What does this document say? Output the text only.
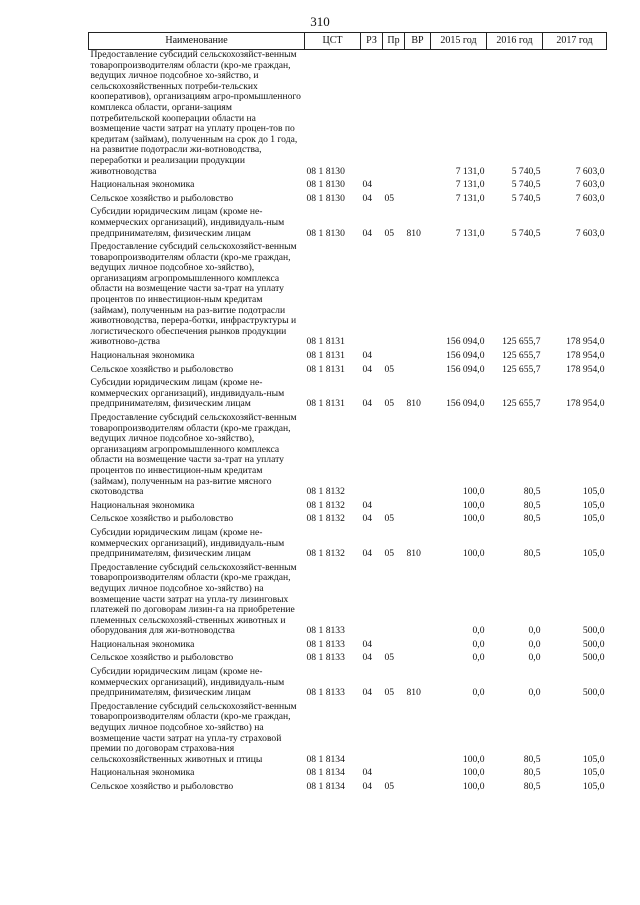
310
Наименование	ЦСТ	РЗ	Пр	ВР	2015 год	2016 год	2017 год
Предоставление субсидий сельскохозяйст-венным товаропроизводителям области (кро-ме граждан, ведущих личное подсобное хо-зяйство, и сельскохозяйственных потреби-тельских кооперативов), организациям агро-промышленного комплекса области, органи-зациям потребительской кооперации области на возмещение части затрат на уплату процен-тов по кредитам (займам), полученным на срок до 1 года, на развитие подотрасли жи-вотноводства, переработки и реализации продукции животноводства	08 1 8130				7 131,0	5 740,5	7 603,0
Национальная экономика	08 1 8130	04			7 131,0	5 740,5	7 603,0
Сельское хозяйство и рыболовство	08 1 8130	04	05		7 131,0	5 740,5	7 603,0
Субсидии юридическим лицам (кроме не-коммерческих организаций), индивидуаль-ным предпринимателям, физическим лицам	08 1 8130	04	05	810	7 131,0	5 740,5	7 603,0
Предоставление субсидий сельскохозяйст-венным товаропроизводителям области (кро-ме граждан, ведущих личное подсобное хо-зяйство), организациям агропромышленного комплекса области на возмещение части за-трат на уплату процентов по инвестицион-ным кредитам (займам), полученным на раз-витие подотрасли животноводства, перера-ботки, инфраструктуры и логистического обеспечения рынков продукции животново-дства	08 1 8131				156 094,0	125 655,7	178 954,0
Национальная экономика	08 1 8131	04			156 094,0	125 655,7	178 954,0
Сельское хозяйство и рыболовство	08 1 8131	04	05		156 094,0	125 655,7	178 954,0
Субсидии юридическим лицам (кроме не-коммерческих организаций), индивидуаль-ным предпринимателям, физическим лицам	08 1 8131	04	05	810	156 094,0	125 655,7	178 954,0
Предоставление субсидий сельскохозяйст-венным товаропроизводителям области (кро-ме граждан, ведущих личное подсобное хо-зяйство), организациям агропромышленного комплекса области на возмещение части за-трат на уплату процентов по инвестицион-ным кредитам (займам), полученным на раз-витие мясного скотоводства	08 1 8132				100,0	80,5	105,0
Национальная экономика	08 1 8132	04			100,0	80,5	105,0
Сельское хозяйство и рыболовство	08 1 8132	04	05		100,0	80,5	105,0
Субсидии юридическим лицам (кроме не-коммерческих организаций), индивидуаль-ным предпринимателям, физическим лицам	08 1 8132	04	05	810	100,0	80,5	105,0
Предоставление субсидий сельскохозяйст-венным товаропроизводителям области (кро-ме граждан, ведущих личное подсобное хо-зяйство) на возмещение части затрат на упла-ту лизинговых платежей по договорам лизин-га на приобретение племенных сельскохозяй-ственных животных и оборудования для жи-вотноводства	08 1 8133				0,0	0,0	500,0
Национальная экономика	08 1 8133	04			0,0	0,0	500,0
Сельское хозяйство и рыболовство	08 1 8133	04	05		0,0	0,0	500,0
Субсидии юридическим лицам (кроме не-коммерческих организаций), индивидуаль-ным предпринимателям, физическим лицам	08 1 8133	04	05	810	0,0	0,0	500,0
Предоставление субсидий сельскохозяйст-венным товаропроизводителям области (кро-ме граждан, ведущих личное подсобное хо-зяйство) на возмещение части затрат на упла-ту страховой премии по договорам страхова-ния сельскохозяйственных животных и птицы	08 1 8134				100,0	80,5	105,0
Национальная экономика	08 1 8134	04			100,0	80,5	105,0
Сельское хозяйство и рыболовство	08 1 8134	04	05		100,0	80,5	105,0
